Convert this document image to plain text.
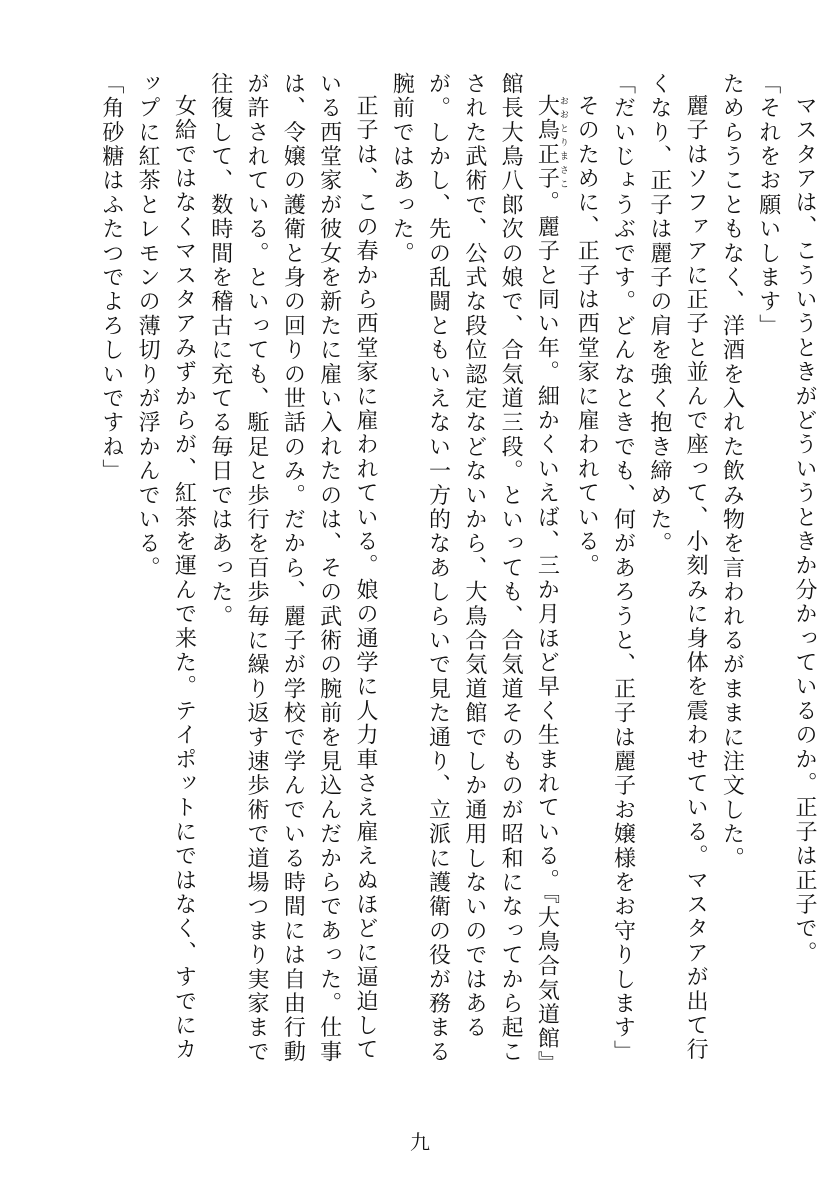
マスタアは、こういうときがどういうときか分かっているのか。正子は正子で。

「それをお願いします」

ためらうこともなく、洋酒を入れた飲み物を言われるがままに注文した。

麗子はソファアに正子と並んで座って、小刻みに身体を震わせている。マスタアが出て行くなり、正子は麗子の肩を強く抱き締めた。

「だいじょうぶです。どんなときでも、何があろうと、正子は麗子お嬢様をお守りします」

そのために、正子は西堂家に雇われている。

大鳥正子おおとりまさこ。麗子と同い年。細かくいえば、三か月ほど早く生まれている。『大鳥合気道館』館長大鳥八郎次の娘で、合気道三段。といっても、合気道そのものが昭和になってから起こされた武術で、公式な段位認定などないから、大鳥合気道館でしか通用しないのではあるが。しかし、先の乱闘ともいえない一方的なあしらいで見た通り、立派に護衛の役が務まる腕前ではあった。

正子は、この春から西堂家に雇われている。娘の通学に人力車さえ雇えぬほどに逼迫している西堂家が彼女を新たに雇い入れたのは、その武術の腕前を見込んだからであった。仕事は、令嬢の護衛と身の回りの世話のみ。だから、麗子が学校で学んでいる時間には自由行動が許されている。といっても、駈足と歩行を百歩毎に繰り返す速歩術で道場つまり実家まで往復して、数時間を稽古に充てる毎日ではあった。

女給ではなくマスタアみずからが、紅茶を運んで来た。テイポットにではなく、すでにカップに紅茶とレモンの薄切りが浮かんでいる。

「角砂糖はふたつでよろしいですね」

九
